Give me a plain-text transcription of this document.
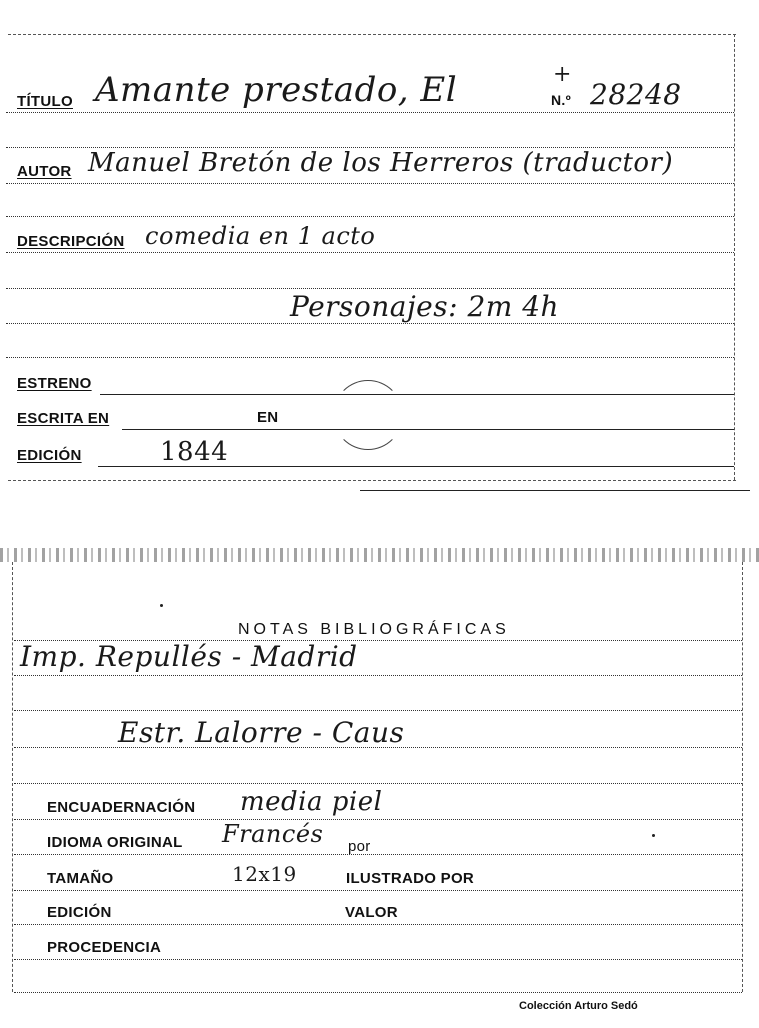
TÍTULO Amante prestado, El	+
N.º 28248
AUTOR Manuel Bretón de los Herreros (traductor)
DESCRIPCIÓN comedia en 1 acto
Personajes: 2m 4h
ESTRENO
ESCRITA EN	EN
EDICIÓN	1844
NOTAS BIBLIOGRÁFICAS
Imp. Repullés - Madrid
Estr. Lalorre - Caus
ENCUADERNACIÓN media piel
IDIOMA ORIGINAL Francés por
TAMAÑO	12x19	ILUSTRADO POR
EDICIÓN	VALOR
PROCEDENCIA
Colección Arturo Sedó
